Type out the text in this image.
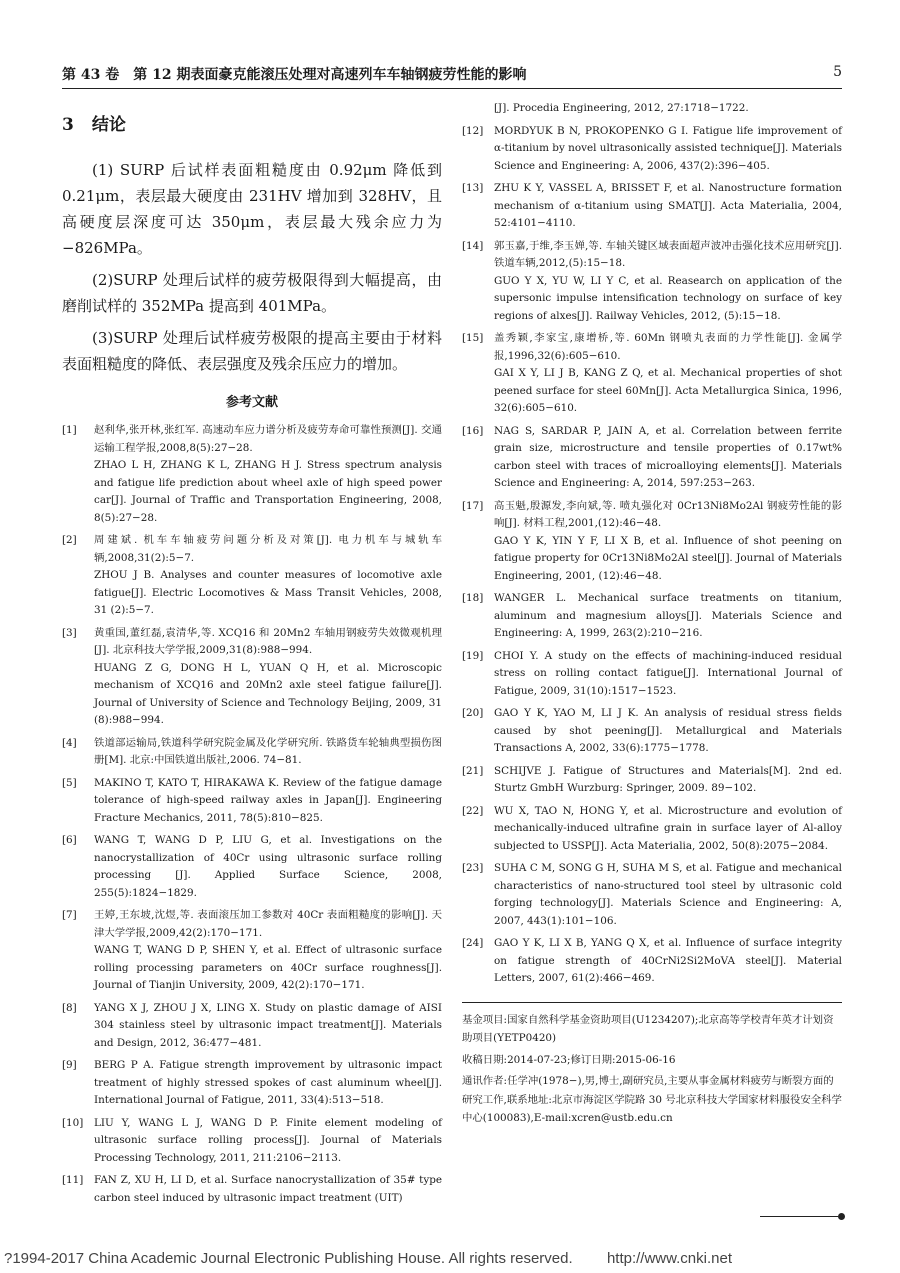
第 43 卷　第 12 期表面豪克能滚压处理对高速列车车轴钢疲劳性能的影响	5
3 结论

(1) SURP 后试样表面粗糙度由 0.92μm 降低到 0.21μm，表层最大硬度由 231HV 增加到 328HV，且高硬度层深度可达 350μm，表层最大残余应力为 −826MPa。

(2)SURP 处理后试样的疲劳极限得到大幅提高，由磨削试样的 352MPa 提高到 401MPa。

(3)SURP 处理后试样疲劳极限的提高主要由于材料表面粗糙度的降低、表层强度及残余压应力的增加。

参考文献
[1]	赵利华,张开林,张红军. 高速动车应力谱分析及疲劳寿命可靠性预测[J]. 交通运输工程学报,2008,8(5):27−28.

ZHAO L H, ZHANG K L, ZHANG H J. Stress spectrum analysis and fatigue life prediction about wheel axle of high speed power car[J]. Journal of Traffic and Transportation Engineering, 2008, 8(5):27−28.

[2]	周建斌. 机车车轴疲劳问题分析及对策[J]. 电力机车与城轨车辆,2008,31(2):5−7.

ZHOU J B. Analyses and counter measures of locomotive axle fatigue[J]. Electric Locomotives & Mass Transit Vehicles, 2008, 31 (2):5−7.

[3]	黄重国,董红磊,袁清华,等. XCQ16 和 20Mn2 车轴用钢疲劳失效微观机理[J]. 北京科技大学学报,2009,31(8):988−994.

HUANG Z G, DONG H L, YUAN Q H, et al. Microscopic mechanism of XCQ16 and 20Mn2 axle steel fatigue failure[J]. Journal of University of Science and Technology Beijing, 2009, 31 (8):988−994.

[4]	铁道部运输局,铁道科学研究院金属及化学研究所. 铁路货车轮轴典型损伤图册[M]. 北京:中国铁道出版社,2006. 74−81.

[5]	MAKINO T, KATO T, HIRAKAWA K. Review of the fatigue damage tolerance of high-speed railway axles in Japan[J]. Engineering Fracture Mechanics, 2011, 78(5):810−825.

[6]	WANG T, WANG D P, LIU G, et al. Investigations on the nanocrystallization of 40Cr using ultrasonic surface rolling processing [J]. Applied Surface Science, 2008, 255(5):1824−1829.

[7]	王婷,王东坡,沈煜,等. 表面滚压加工参数对 40Cr 表面粗糙度的影响[J]. 天津大学学报,2009,42(2):170−171.

WANG T, WANG D P, SHEN Y, et al. Effect of ultrasonic surface rolling processing parameters on 40Cr surface roughness[J]. Journal of Tianjin University, 2009, 42(2):170−171.

[8]	YANG X J, ZHOU J X, LING X. Study on plastic damage of AISI 304 stainless steel by ultrasonic impact treatment[J]. Materials and Design, 2012, 36:477−481.

[9]	BERG P A. Fatigue strength improvement by ultrasonic impact treatment of highly stressed spokes of cast aluminum wheel[J]. International Journal of Fatigue, 2011, 33(4):513−518.

[10]	LIU Y, WANG L J, WANG D P. Finite element modeling of ultrasonic surface rolling process[J]. Journal of Materials Processing Technology, 2011, 211:2106−2113.

[11]	FAN Z, XU H, LI D, et al. Surface nanocrystallization of 35# type carbon steel induced by ultrasonic impact treatment (UIT)

[J]. Procedia Engineering, 2012, 27:1718−1722.

[12]	MORDYUK B N, PROKOPENKO G I. Fatigue life improvement of α-titanium by novel ultrasonically assisted technique[J]. Materials Science and Engineering: A, 2006, 437(2):396−405.

[13]	ZHU K Y, VASSEL A, BRISSET F, et al. Nanostructure formation mechanism of α-titanium using SMAT[J]. Acta Materialia, 2004, 52:4101−4110.

[14]	郭玉嘉,于维,李玉婵,等. 车轴关键区域表面超声波冲击强化技术应用研究[J]. 铁道车辆,2012,(5):15−18.

GUO Y X, YU W, LI Y C, et al. Reasearch on application of the supersonic impulse intensification technology on surface of key regions of alxes[J]. Railway Vehicles, 2012, (5):15−18.

[15]	盖秀颖,李家宝,康增桥,等. 60Mn 钢喷丸表面的力学性能[J]. 金属学报,1996,32(6):605−610.

GAI X Y, LI J B, KANG Z Q, et al. Mechanical properties of shot peened surface for steel 60Mn[J]. Acta Metallurgica Sinica, 1996, 32(6):605−610.

[16]	NAG S, SARDAR P, JAIN A, et al. Correlation between ferrite grain size, microstructure and tensile properties of 0.17wt% carbon steel with traces of microalloying elements[J]. Materials Science and Engineering: A, 2014, 597:253−263.

[17]	高玉魁,殷源发,李向斌,等. 喷丸强化对 0Cr13Ni8Mo2Al 钢疲劳性能的影响[J]. 材料工程,2001,(12):46−48.

GAO Y K, YIN Y F, LI X B, et al. Influence of shot peening on fatigue property for 0Cr13Ni8Mo2Al steel[J]. Journal of Materials Engineering, 2001, (12):46−48.

[18]	WANGER L. Mechanical surface treatments on titanium, aluminum and magnesium alloys[J]. Materials Science and Engineering: A, 1999, 263(2):210−216.

[19]	CHOI Y. A study on the effects of machining-induced residual stress on rolling contact fatigue[J]. International Journal of Fatigue, 2009, 31(10):1517−1523.

[20]	GAO Y K, YAO M, LI J K. An analysis of residual stress fields caused by shot peening[J]. Metallurgical and Materials Transactions A, 2002, 33(6):1775−1778.

[21]	SCHIJVE J. Fatigue of Structures and Materials[M]. 2nd ed. Sturtz GmbH Wurzburg: Springer, 2009. 89−102.

[22]	WU X, TAO N, HONG Y, et al. Microstructure and evolution of mechanically-induced ultrafine grain in surface layer of Al-alloy subjected to USSP[J]. Acta Materialia, 2002, 50(8):2075−2084.

[23]	SUHA C M, SONG G H, SUHA M S, et al. Fatigue and mechanical characteristics of nano-structured tool steel by ultrasonic cold forging technology[J]. Materials Science and Engineering: A, 2007, 443(1):101−106.

[24]	GAO Y K, LI X B, YANG Q X, et al. Influence of surface integrity on fatigue strength of 40CrNi2Si2MoVA steel[J]. Material Letters, 2007, 61(2):466−469.

基金项目:国家自然科学基金资助项目(U1234207);北京高等学校青年英才计划资助项目(YETP0420)

收稿日期:2014-07-23;修订日期:2015-06-16

通讯作者:任学冲(1978−),男,博士,副研究员,主要从事金属材料疲劳与断裂方面的研究工作,联系地址:北京市海淀区学院路 30 号北京科技大学国家材料服役安全科学中心(100083),E-mail:xcren@ustb.edu.cn

?1994-2017 China Academic Journal Electronic Publishing House. All rights reserved. http://www.cnki.net
